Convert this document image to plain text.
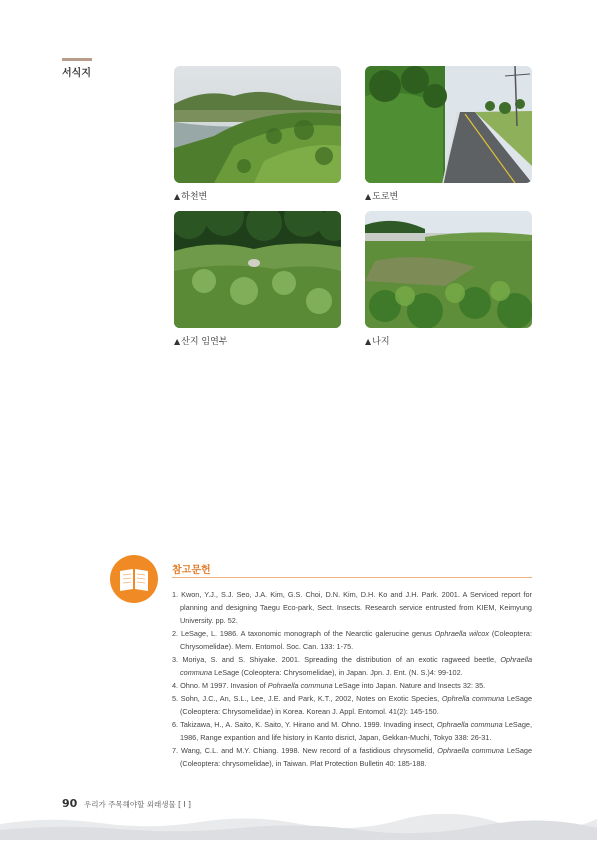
서식지
▲하천변	▲도로변
▲산지 임연부	▲나지
참고문헌
1. Kwon, Y.J., S.J. Seo, J.A. Kim, G.S. Choi, D.N. Kim, D.H. Ko and J.H. Park. 2001. A Serviced report for planning and designing Taegu Eco-park, Sect. Insects. Research service entrusted from KIEM, Keimyung University. pp. 52.
2. LeSage, L. 1986. A taxonomic monograph of the Nearctic galerucine genus Ophraella wilcox (Coleoptera: Chrysomelidae). Mem. Entomol. Soc. Can. 133: 1-75.
3. Moriya, S. and S. Shiyake. 2001. Spreading the distribution of an exotic ragweed beetle, Ophraella communa LeSage (Coleoptera: Chrysomelidae), in Japan. Jpn. J. Ent. (N. S.)4: 99-102.
4. Ohno. M 1997. Invasion of Pohraella communa LeSage into Japan. Nature and Insects 32: 35.
5. Sohn, J.C., An, S.L., Lee, J.E. and Park, K.T., 2002, Notes on Exotic Species, Ophrella communa LeSage (Coleoptera: Chrysomelidae) in Korea. Korean J. Appl. Entomol. 41(2): 145-150.
6. Takizawa, H., A. Saito, K. Saito, Y. Hirano and M. Ohno. 1999. Invading insect, Ophraella communa LeSage, 1986, Range expantion and life history in Kanto disrict, Japan, Gekkan-Muchi, Tokyo 338: 26-31.
7. Wang, C.L. and M.Y. Chiang. 1998. New record of a fastidious chrysomelid, Ophraella communa LeSage (Coleoptera: chrysomelidae), in Taiwan. Plat Protection Bulletin 40: 185-188.
90 우리가 주목해야할 외래생물 [ Ⅰ ]
